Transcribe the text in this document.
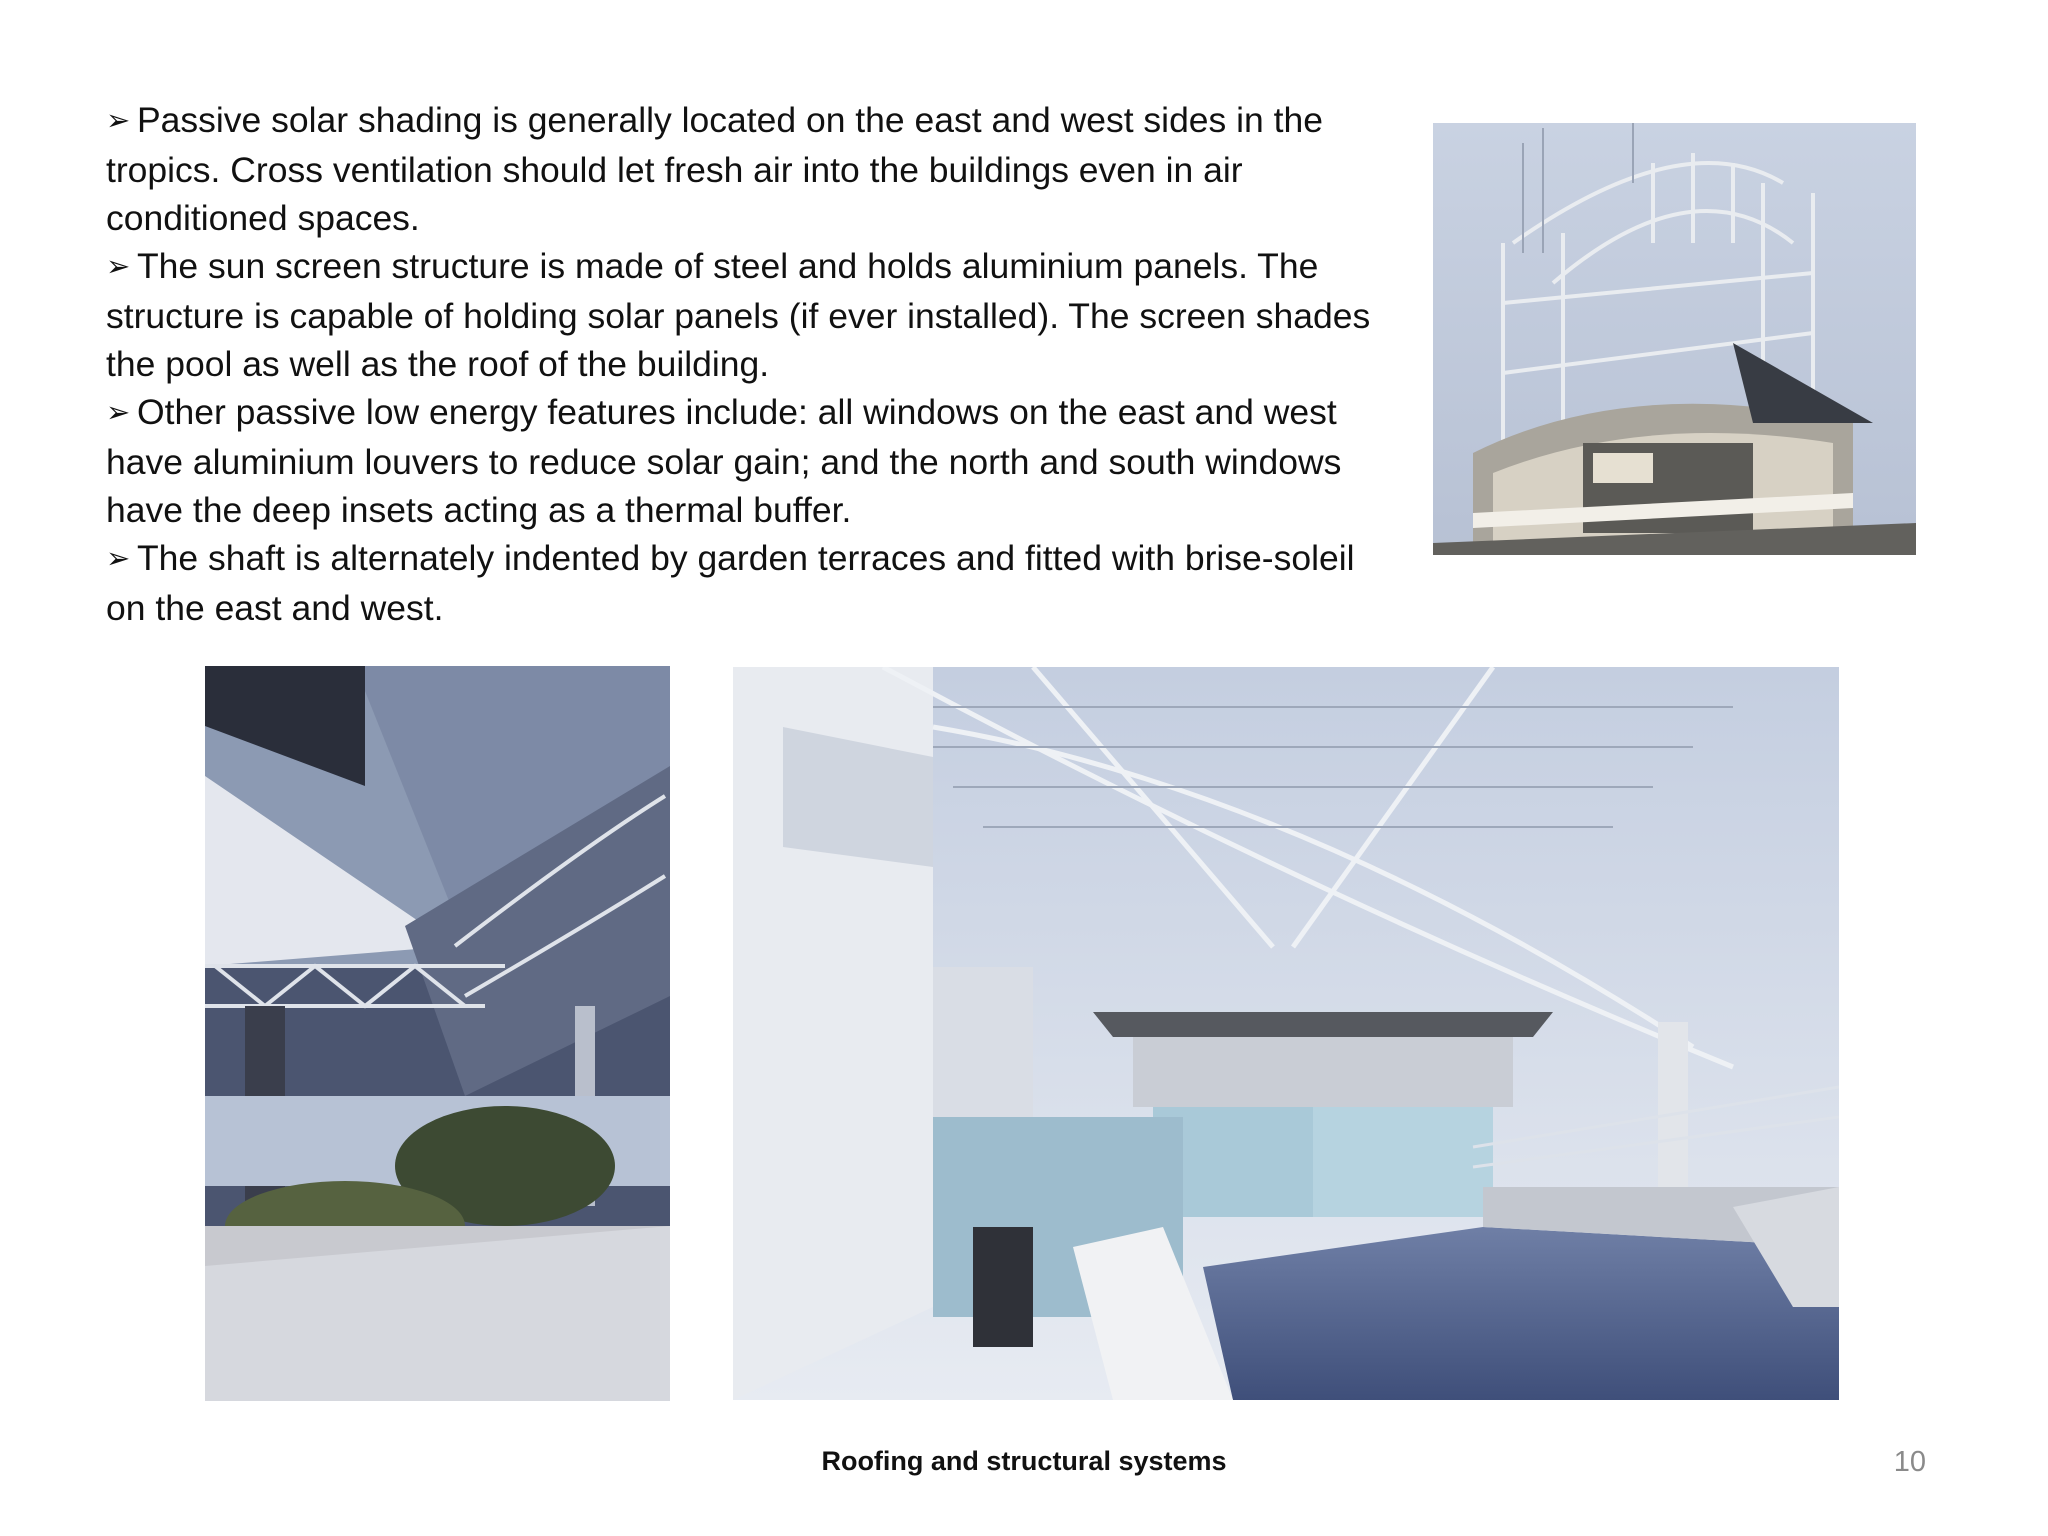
➢ Passive solar shading is generally located on the east and west sides in the tropics. Cross ventilation should let fresh air into the buildings even in air conditioned spaces.
➢ The sun screen structure is made of steel and holds aluminium panels. The structure is capable of holding solar panels (if ever installed). The screen shades the pool as well as the roof of the building.
➢ Other passive low energy features include: all windows on the east and west have aluminium louvers to reduce solar gain; and the north and south windows have the deep insets acting as a thermal buffer.
➢ The shaft is alternately indented by garden terraces and fitted with brise-soleil on the east and west.
Roofing and structural systems	10
